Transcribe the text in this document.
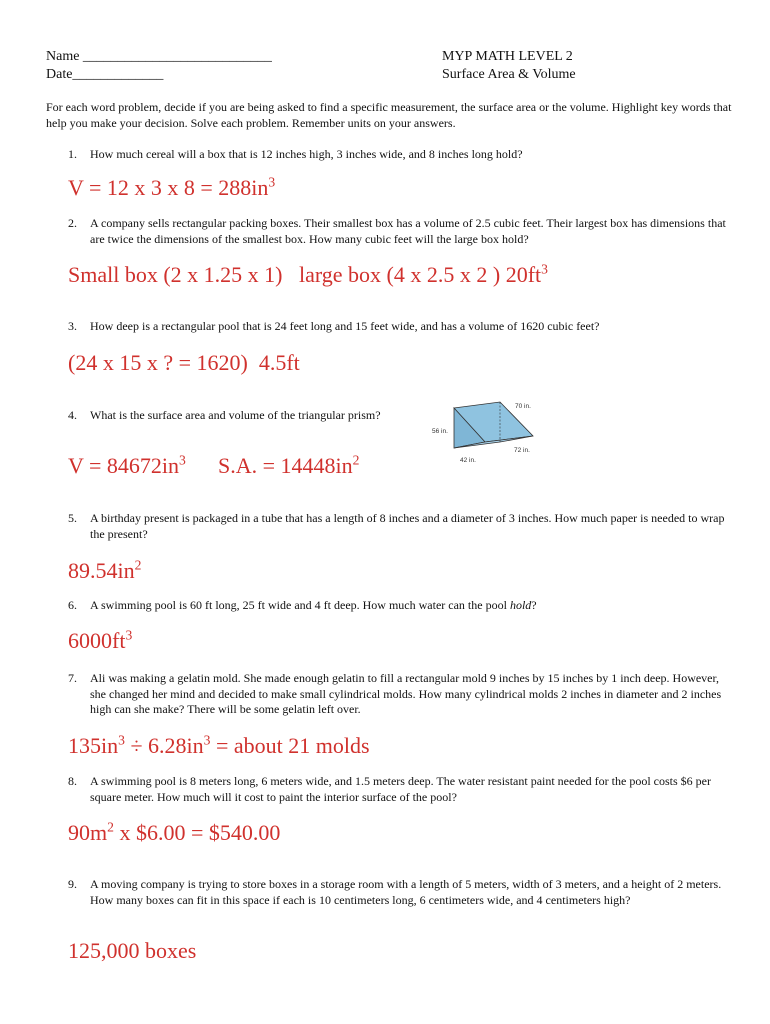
Name ___________________________
Date_____________
MYP MATH LEVEL 2
Surface Area & Volume
For each word problem, decide if you are being asked to find a specific measurement, the surface area or the volume. Highlight key words that help you make your decision. Solve each problem. Remember units on your answers.
1.	How much cereal will a box that is 12 inches high, 3 inches wide, and 8 inches long hold?
V = 12 x 3 x $8 = 288in^3$
2.	A company sells rectangular packing boxes. Their smallest box has a volume of 2.5 cubic feet. Their largest box has dimensions that are twice the dimensions of the smallest box. How many cubic feet will the large box hold?
Small box (2 x 1.25 x 1)   large box (4 x 2.5 x 2 ) $20ft^3$
3.	How deep is a rectangular pool that is 24 feet long and 15 feet wide, and has a volume of 1620 cubic feet?
(24 x 15 x ? = 1620)  4.5ft
4.	What is the surface area and volume of the triangular prism?
70 in.
56 in.
72 in.
42 in.
$V = 84672in^3$ S.A. = $14448in^2$
5.	A birthday present is packaged in a tube that has a length of 8 inches and a diameter of 3 inches. How much paper is needed to wrap the present?
$89.54in^2$
6.	A swimming pool is 60 ft long, 25 ft wide and 4 ft deep. How much water can the pool hold?
$6000ft^3$
7.	Ali was making a gelatin mold. She made enough gelatin to fill a rectangular mold 9 inches by 15 inches by 1 inch deep. However, she changed her mind and decided to make small cylindrical molds. How many cylindrical molds 2 inches in diameter and 2 inches high can she make? There will be some gelatin left over.
$135in^3 \div 6.28in^3$ = about 21 molds
8.	A swimming pool is 8 meters long, 6 meters wide, and 1.5 meters deep. The water resistant paint needed for the pool costs $6 per square meter. How much will it cost to paint the interior surface of the pool?
$90m^2$ x $6.00 = $540.00
9.	A moving company is trying to store boxes in a storage room with a length of 5 meters, width of 3 meters, and a height of 2 meters. How many boxes can fit in this space if each is 10 centimeters long, 6 centimeters wide, and 4 centimeters high?
125,000 boxes
